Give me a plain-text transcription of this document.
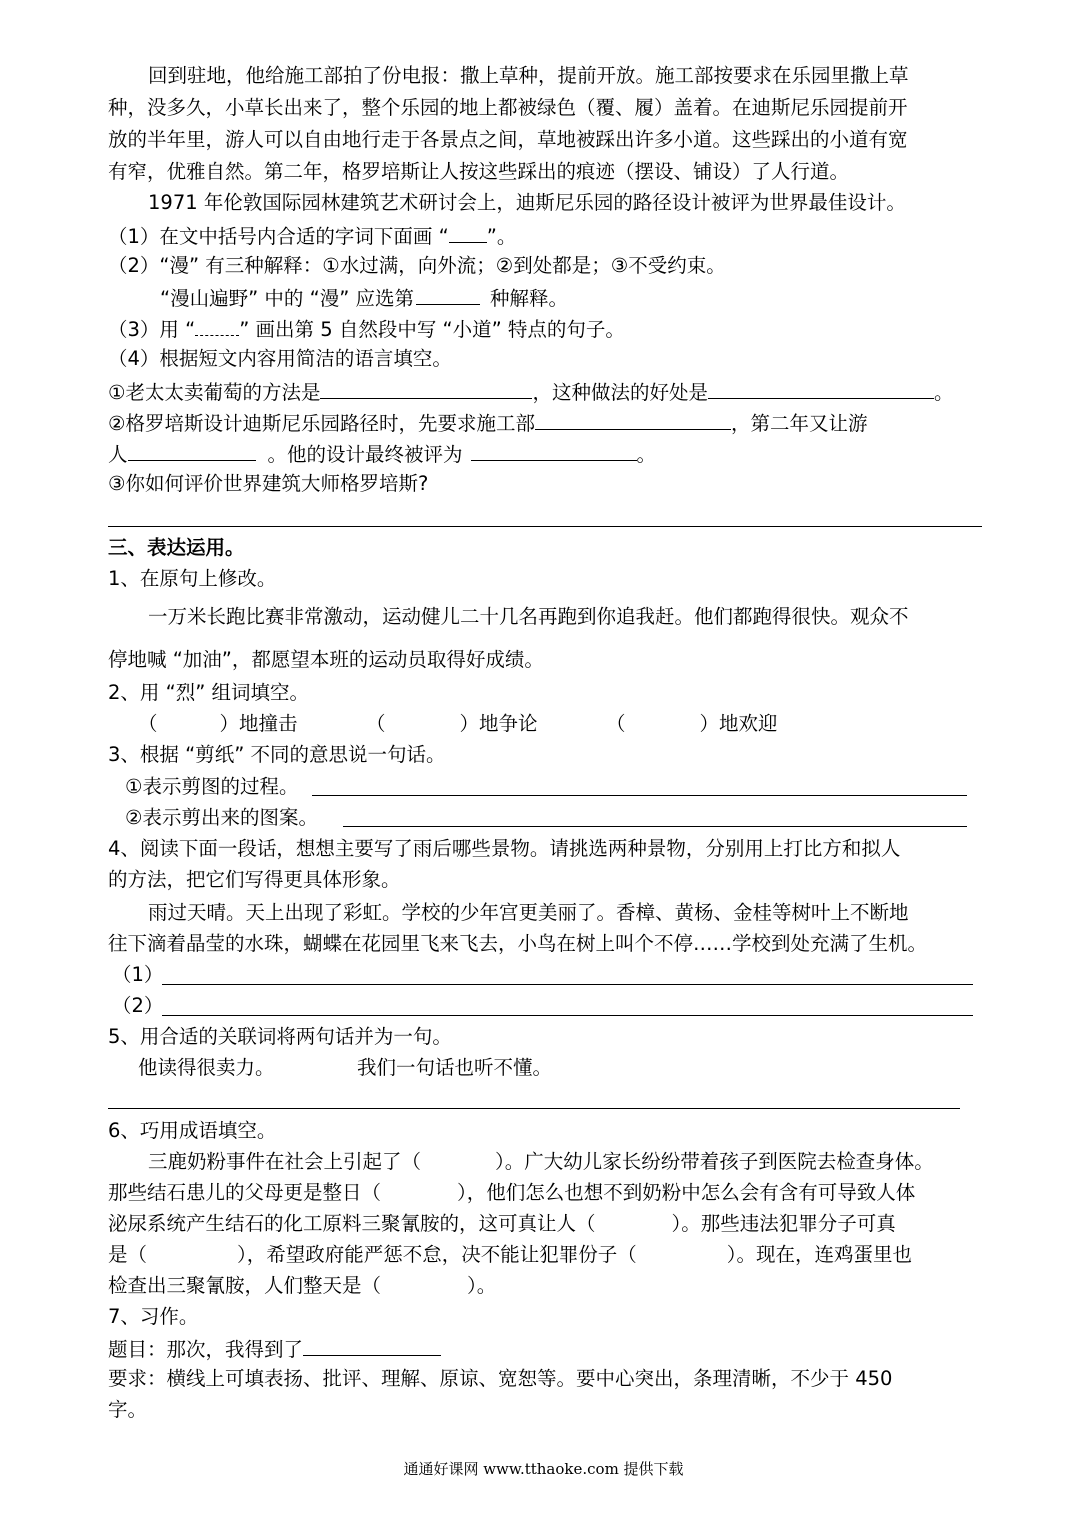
回到驻地，他给施工部拍了份电报：撒上草种，提前开放。施工部按要求在乐园里撒上草
种，没多久，小草长出来了，整个乐园的地上都被绿色（覆、履）盖着。在迪斯尼乐园提前开
放的半年里，游人可以自由地行走于各景点之间，草地被踩出许多小道。这些踩出的小道有宽
有窄，优雅自然。第二年，格罗培斯让人按这些踩出的痕迹（摆设、铺设）了人行道。
1971 年伦敦国际园林建筑艺术研讨会上，迪斯尼乐园的路径设计被评为世界最佳设计。
（1）在文中括号内合适的字词下面画 “ ”。
（2）“漫” 有三种解释：①水过满，向外流；②到处都是；③不受约束。
“漫山遍野” 中的 “漫” 应选第	种解释。
（3）用 “ ” 画出第 5 自然段中写 “小道” 特点的句子。
（4）根据短文内容用简洁的语言填空。
①老太太卖葡萄的方法是	，这种做法的好处是	。
②格罗培斯设计迪斯尼乐园路径时，先要求施工部	，第二年又让游
人	。他的设计最终被评为	。
③你如何评价世界建筑大师格罗培斯?
三、表达运用。
1、在原句上修改。
一万米长跑比赛非常激动，运动健儿二十几名再跑到你追我赶。他们都跑得很快。观众不
停地喊 “加油”，都愿望本班的运动员取得好成绩。
2、用 “烈” 组词填空。
（	）地撞击	（	）地争论	（	）地欢迎
3、根据 “剪纸” 不同的意思说一句话。
①表示剪图的过程。
②表示剪出来的图案。
4、阅读下面一段话，想想主要写了雨后哪些景物。请挑选两种景物，分别用上打比方和拟人
的方法，把它们写得更具体形象。
雨过天晴。天上出现了彩虹。学校的少年宫更美丽了。香樟、黄杨、金桂等树叶上不断地
往下滴着晶莹的水珠，蝴蝶在花园里飞来飞去，小鸟在树上叫个不停……学校到处充满了生机。
（1）
（2）
5、用合适的关联词将两句话并为一句。
他读得很卖力。	我们一句话也听不懂。
6、巧用成语填空。
三鹿奶粉事件在社会上引起了（	）。广大幼儿家长纷纷带着孩子到医院去检查身体。
那些结石患儿的父母更是整日（	），他们怎么也想不到奶粉中怎么会有含有可导致人体
泌尿系统产生结石的化工原料三聚氰胺的，这可真让人（	）。那些违法犯罪分子可真
是（	），希望政府能严惩不怠，决不能让犯罪份子（	）。现在，连鸡蛋里也
检查出三聚氰胺，人们整天是（	）。
7、习作。
题目：那次，我得到了
要求：横线上可填表扬、批评、理解、原谅、宽恕等。要中心突出，条理清晰，不少于 450
字。
通通好课网 www.tthaoke.com 提供下载
